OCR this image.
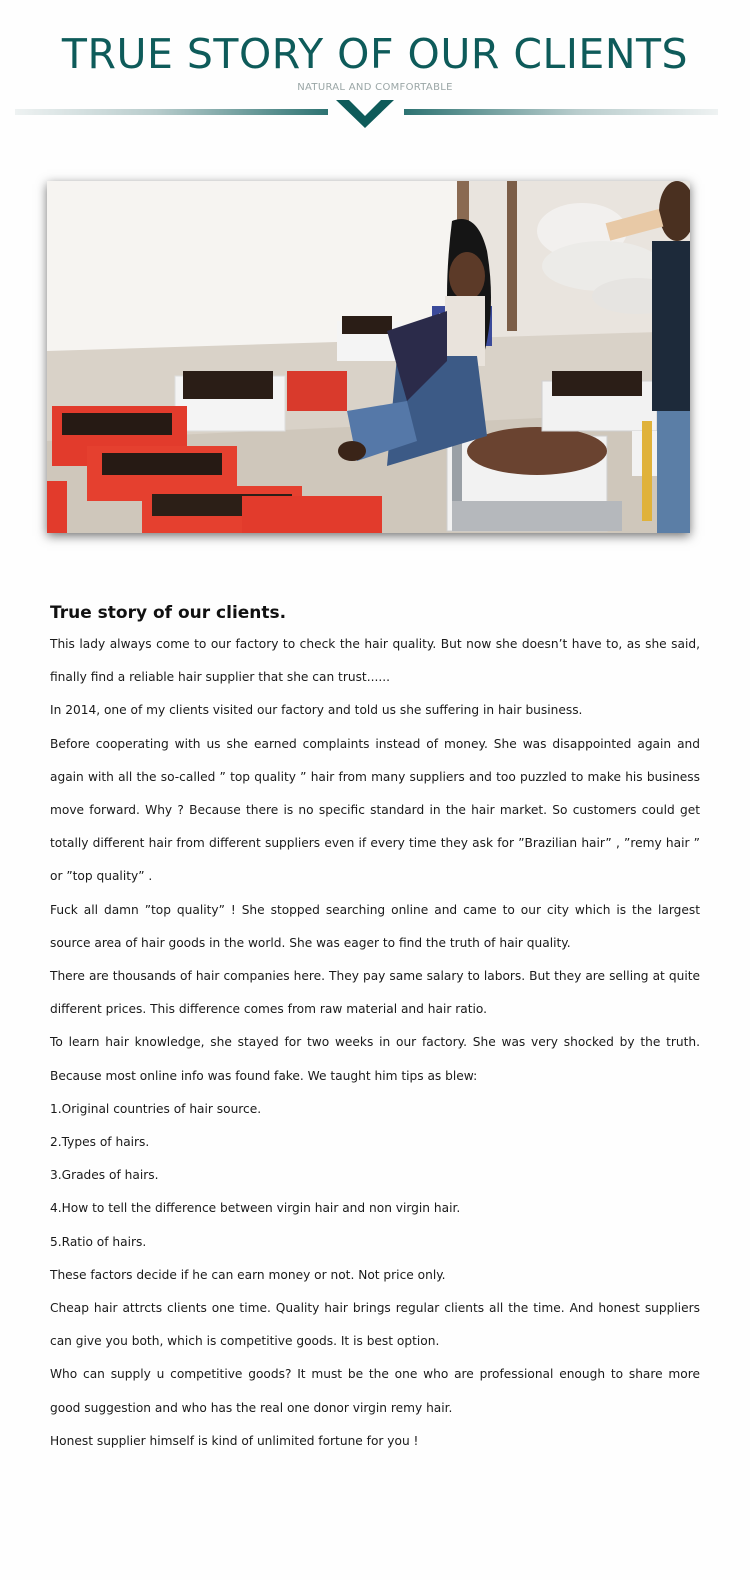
TRUE STORY OF OUR CLIENTS
NATURAL AND COMFORTABLE
True story of our clients.

This lady always come to our factory to check the hair quality. But now she doesn’t have to, as she said, finally find a reliable hair supplier that she can trust......

In 2014, one of my clients visited our factory and told us she suffering in hair business.

Before cooperating with us she earned complaints instead of money. She was disappointed again and again with all the so-called ” top quality ” hair from many suppliers and too puzzled to make his business move forward. Why ? Because there is no specific standard in the hair market. So customers could get totally different hair from different suppliers even if every time they ask for ”Brazilian hair” , ”remy hair ” or ”top quality” .

Fuck all damn ”top quality” ! She stopped searching online and came to our city which is the largest source area of hair goods in the world. She was eager to find the truth of hair quality.

There are thousands of hair companies here. They pay same salary to labors. But they are selling at quite different prices. This difference comes from raw material and hair ratio.

To learn hair knowledge, she stayed for two weeks in our factory. She was very shocked by the truth. Because most online info was found fake. We taught him tips as blew:

1.Original countries of hair source.

2.Types of hairs.

3.Grades of hairs.

4.How to tell the difference between virgin hair and non virgin hair.

5.Ratio of hairs.

These factors decide if he can earn money or not. Not price only.

Cheap hair attrcts clients one time. Quality hair brings regular clients all the time. And honest suppliers can give you both, which is competitive goods. It is best option.

Who can supply u competitive goods? It must be the one who are professional enough to share more good suggestion and who has the real one donor virgin remy hair.

Honest supplier himself is kind of unlimited fortune for you !
